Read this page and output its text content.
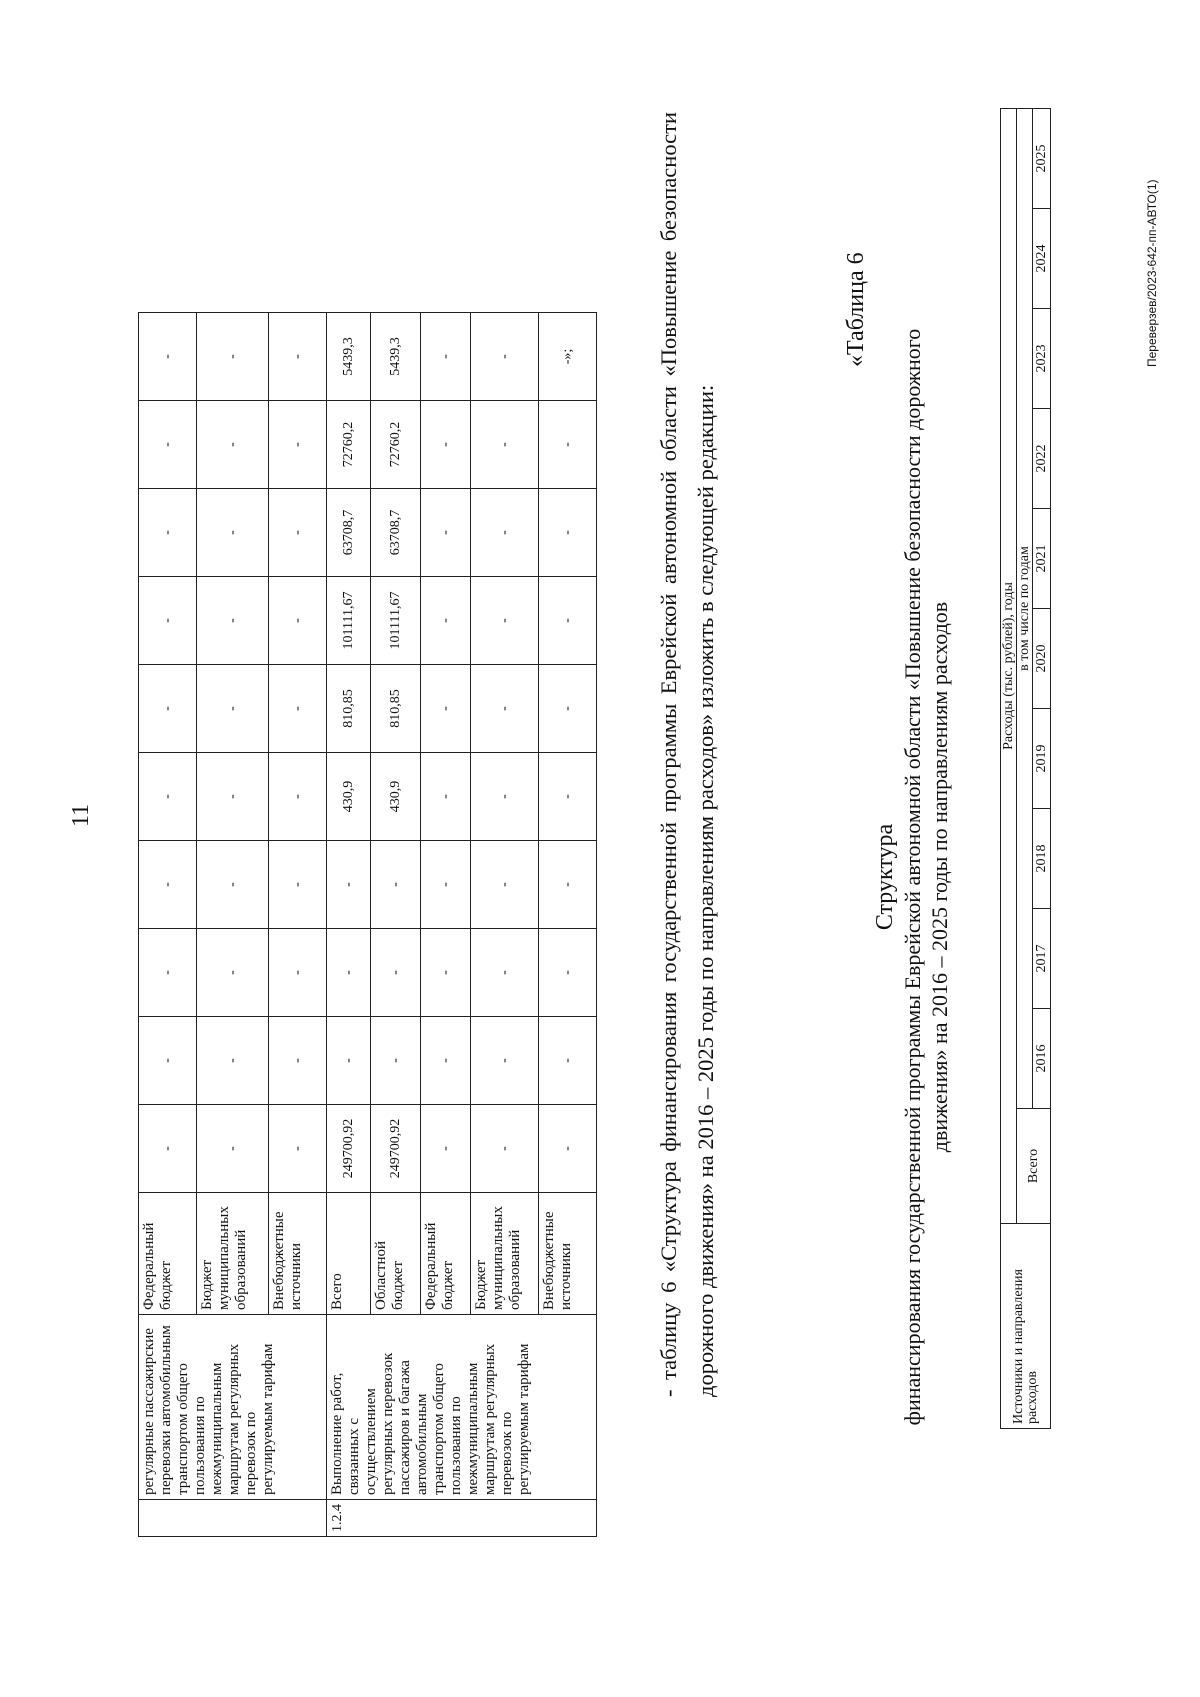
11
	регулярные пассажирские перевозки автомобильным транспортом общего пользования по межмуниципальным маршрутам регулярных перевозок по регулируемым тарифам	Федеральный бюджет	-	-	-	-	-	-	-	-	-	-
		Бюджет муниципальных образований	-	-	-	-	-	-	-	-	-	-
		Внебюджетные источники	-	-	-	-	-	-	-	-	-	-
1.2.4	Выполнение работ, связанных с осуществлением регулярных перевозок пассажиров и багажа автомобильным транспортом общего пользования по межмуниципальным маршрутам регулярных перевозок по регулируемым тарифам	Всего	249700,92	-	-	-	430,9	810,85	101111,67	63708,7	72760,2	5439,3
		Областной бюджет	249700,92	-	-	-	430,9	810,85	101111,67	63708,7	72760,2	5439,3
		Федеральный бюджет	-	-	-	-	-	-	-	-	-	-
		Бюджет муниципальных образований	-	-	-	-	-	-	-	-	-	-
		Внебюджетные источники	-	-	-	-	-	-	-	-	-	-»;	- таблицу 6 «Структура финансирования государственной программы Еврейской автономной области «Повышение безопасности дорожного движения» на 2016 – 2025 годы по направлениям расходов» изложить в следующей редакции:

«Таблица 6
Структура финансирования государственной программы Еврейской автономной области «Повышение безопасности дорожного движения» на 2016 – 2025 годы по направлениям расходов
Источники и направления расходов	Расходы (тыс. рублей), годы										
	Всего	в том числе по годам									
		2016	2017	2018	2019	2020	2021	2022	2023	2024	2025
Переверзев/2023-642-пп-АВТО(1)
